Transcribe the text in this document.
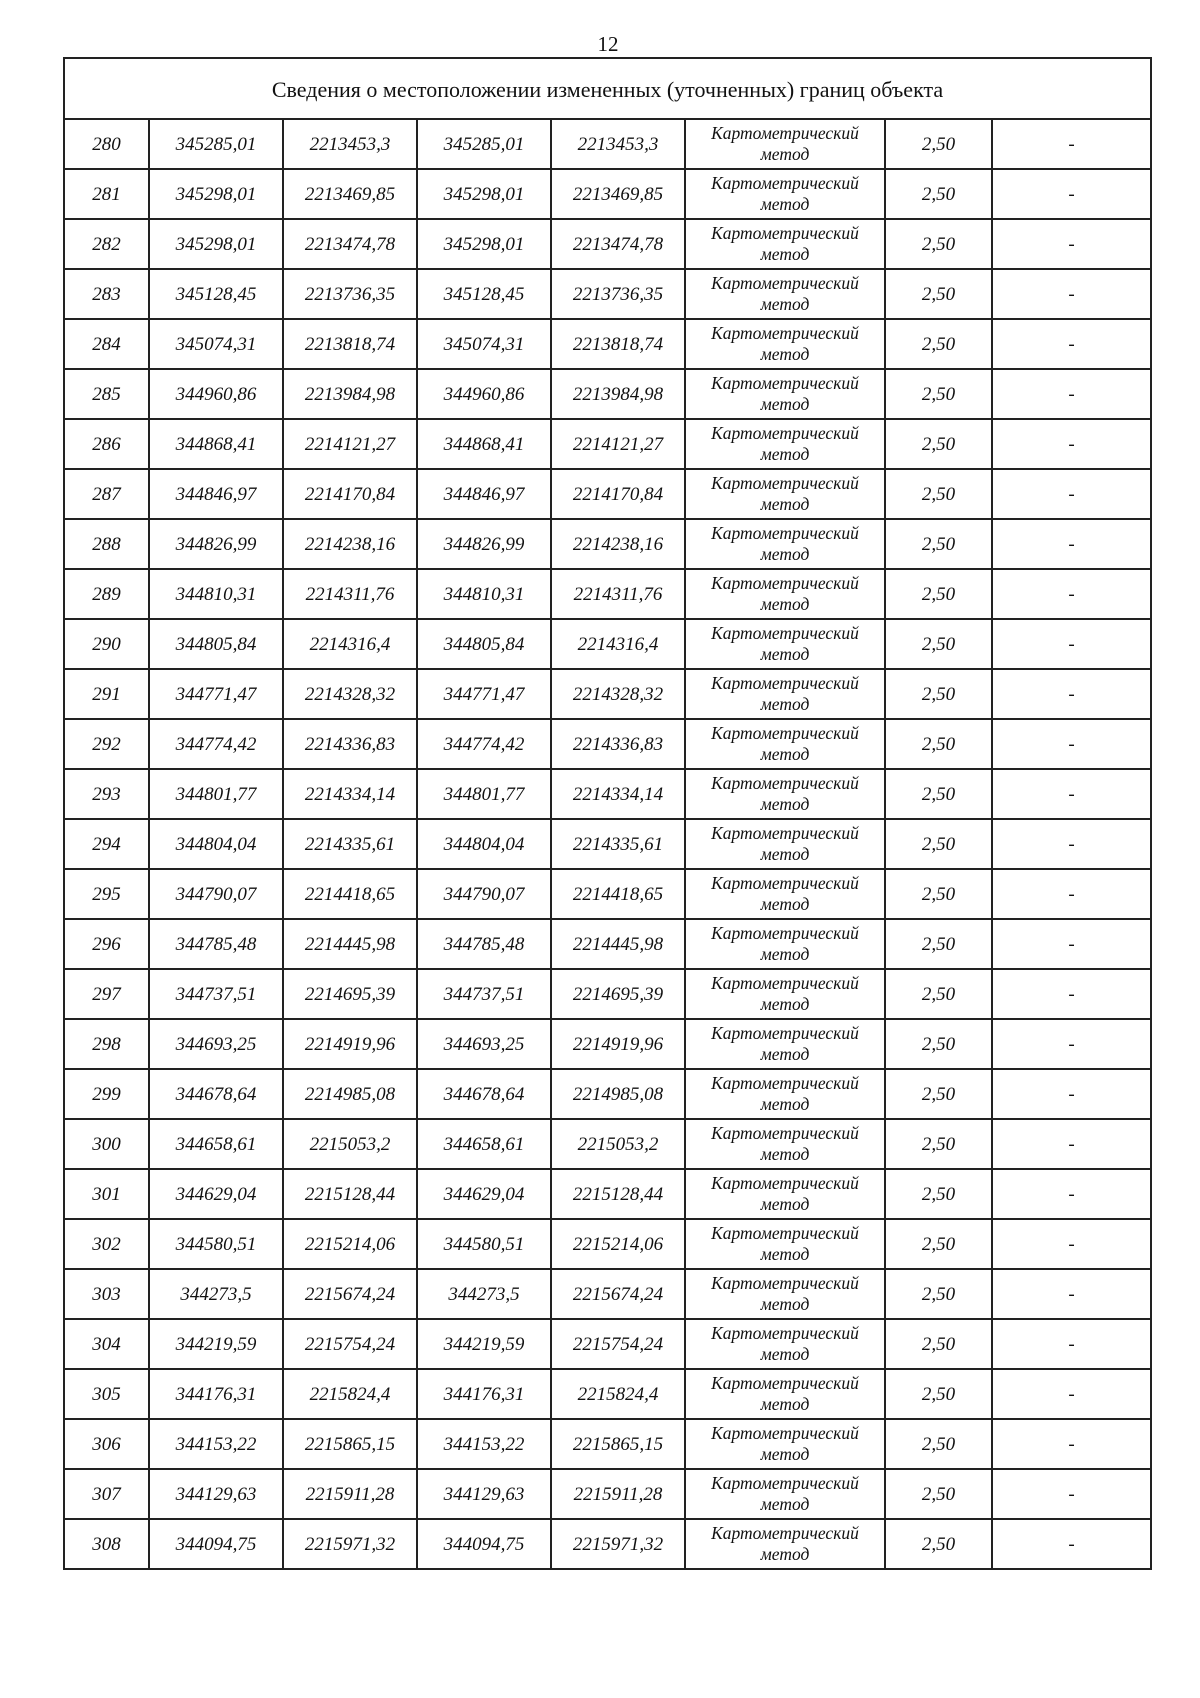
12
Сведения о местоположении измененных (уточненных) границ объекта							
280	345285,01	2213453,3	345285,01	2213453,3	Картометрический метод	2,50	-
281	345298,01	2213469,85	345298,01	2213469,85	Картометрический метод	2,50	-
282	345298,01	2213474,78	345298,01	2213474,78	Картометрический метод	2,50	-
283	345128,45	2213736,35	345128,45	2213736,35	Картометрический метод	2,50	-
284	345074,31	2213818,74	345074,31	2213818,74	Картометрический метод	2,50	-
285	344960,86	2213984,98	344960,86	2213984,98	Картометрический метод	2,50	-
286	344868,41	2214121,27	344868,41	2214121,27	Картометрический метод	2,50	-
287	344846,97	2214170,84	344846,97	2214170,84	Картометрический метод	2,50	-
288	344826,99	2214238,16	344826,99	2214238,16	Картометрический метод	2,50	-
289	344810,31	2214311,76	344810,31	2214311,76	Картометрический метод	2,50	-
290	344805,84	2214316,4	344805,84	2214316,4	Картометрический метод	2,50	-
291	344771,47	2214328,32	344771,47	2214328,32	Картометрический метод	2,50	-
292	344774,42	2214336,83	344774,42	2214336,83	Картометрический метод	2,50	-
293	344801,77	2214334,14	344801,77	2214334,14	Картометрический метод	2,50	-
294	344804,04	2214335,61	344804,04	2214335,61	Картометрический метод	2,50	-
295	344790,07	2214418,65	344790,07	2214418,65	Картометрический метод	2,50	-
296	344785,48	2214445,98	344785,48	2214445,98	Картометрический метод	2,50	-
297	344737,51	2214695,39	344737,51	2214695,39	Картометрический метод	2,50	-
298	344693,25	2214919,96	344693,25	2214919,96	Картометрический метод	2,50	-
299	344678,64	2214985,08	344678,64	2214985,08	Картометрический метод	2,50	-
300	344658,61	2215053,2	344658,61	2215053,2	Картометрический метод	2,50	-
301	344629,04	2215128,44	344629,04	2215128,44	Картометрический метод	2,50	-
302	344580,51	2215214,06	344580,51	2215214,06	Картометрический метод	2,50	-
303	344273,5	2215674,24	344273,5	2215674,24	Картометрический метод	2,50	-
304	344219,59	2215754,24	344219,59	2215754,24	Картометрический метод	2,50	-
305	344176,31	2215824,4	344176,31	2215824,4	Картометрический метод	2,50	-
306	344153,22	2215865,15	344153,22	2215865,15	Картометрический метод	2,50	-
307	344129,63	2215911,28	344129,63	2215911,28	Картометрический метод	2,50	-
308	344094,75	2215971,32	344094,75	2215971,32	Картометрический метод	2,50	-
